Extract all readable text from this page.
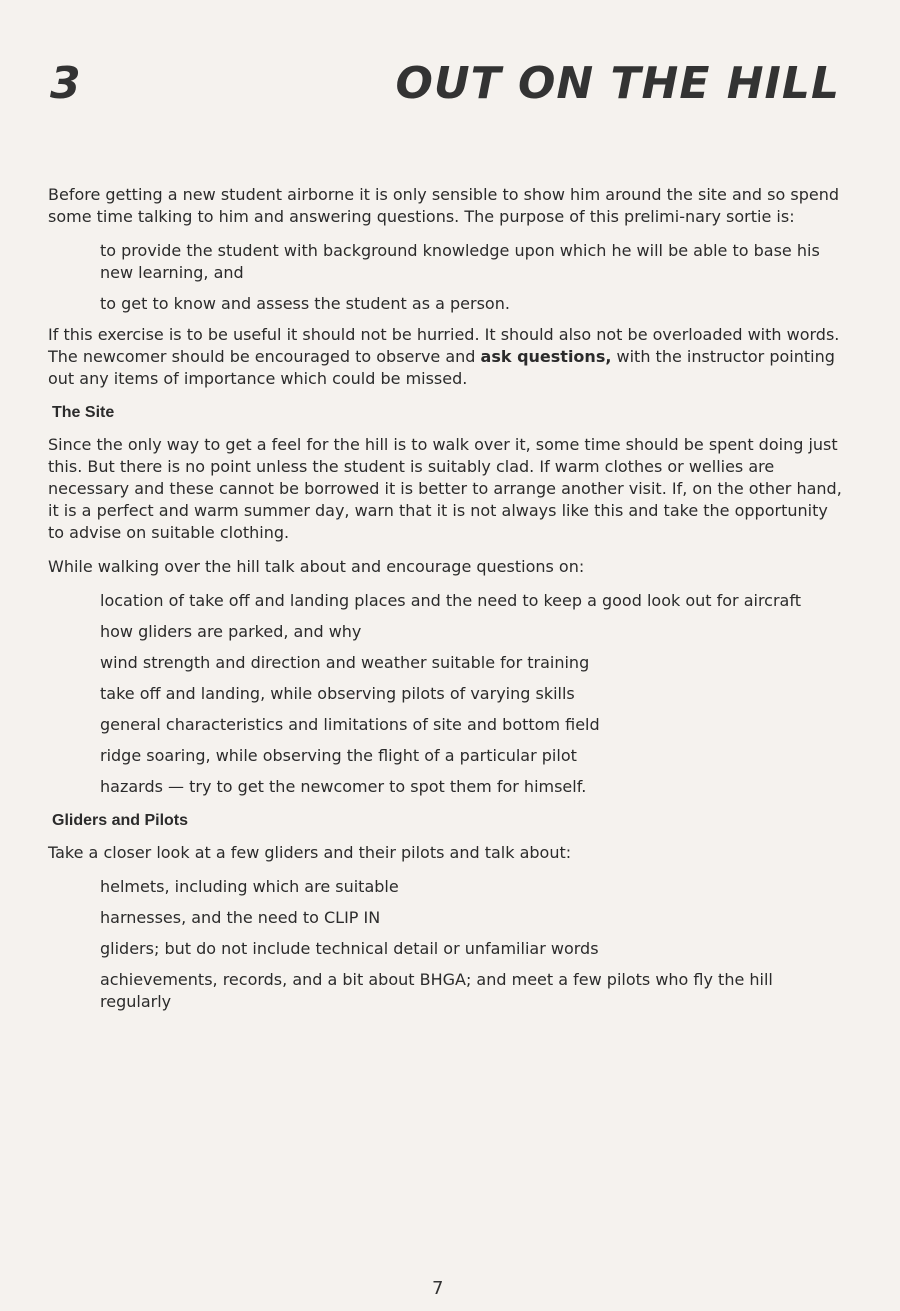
3	OUT ON THE HILL

Before getting a new student airborne it is only sensible to show him around the site and so spend some time talking to him and answering questions. The purpose of this prelimi-nary sortie is:

to provide the student with background knowledge upon which he will be able to base his new learning, and

to get to know and assess the student as a person.

If this exercise is to be useful it should not be hurried. It should also not be overloaded with words. The newcomer should be encouraged to observe and ask questions, with the instructor pointing out any items of importance which could be missed.

The Site

Since the only way to get a feel for the hill is to walk over it, some time should be spent doing just this. But there is no point unless the student is suitably clad. If warm clothes or wellies are necessary and these cannot be borrowed it is better to arrange another visit. If, on the other hand, it is a perfect and warm summer day, warn that it is not always like this and take the opportunity to advise on suitable clothing.

While walking over the hill talk about and encourage questions on:

location of take off and landing places and the need to keep a good look out for aircraft

how gliders are parked, and why

wind strength and direction and weather suitable for training

take off and landing, while observing pilots of varying skills

general characteristics and limitations of site and bottom field

ridge soaring, while observing the flight of a particular pilot

hazards — try to get the newcomer to spot them for himself.

Gliders and Pilots

Take a closer look at a few gliders and their pilots and talk about:

helmets, including which are suitable

harnesses, and the need to CLIP IN

gliders; but do not include technical detail or unfamiliar words

achievements, records, and a bit about BHGA; and meet a few pilots who fly the hill regularly

7
